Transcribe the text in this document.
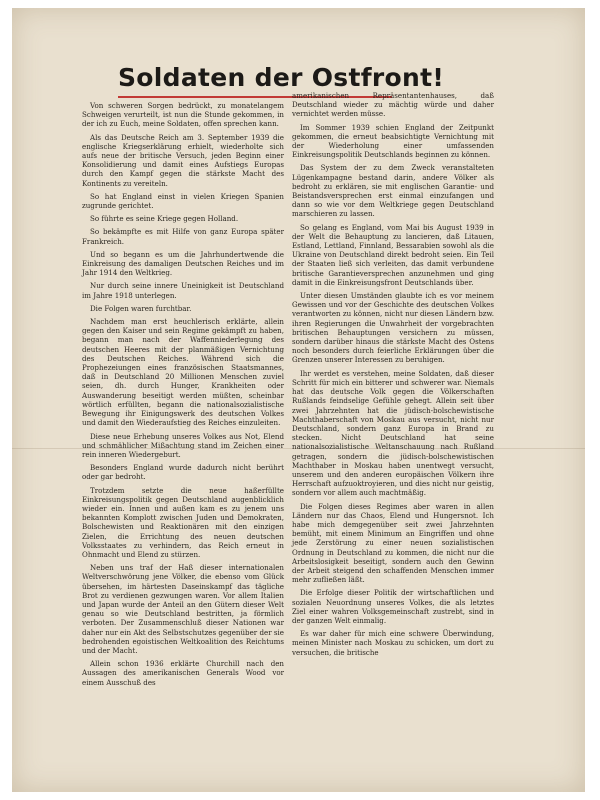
Soldaten der Ostfront!

Von schweren Sorgen bedrückt, zu monatelangem Schweigen verurteilt, ist nun die Stunde gekommen, in der ich zu Euch, meine Soldaten, offen sprechen kann.

Als das Deutsche Reich am 3. September 1939 die englische Kriegserklärung erhielt, wiederholte sich aufs neue der britische Versuch, jeden Beginn einer Konsolidierung und damit eines Aufstiegs Europas durch den Kampf gegen die stärkste Macht des Kontinents zu vereiteln.

So hat England einst in vielen Kriegen Spanien zugrunde gerichtet.

So führte es seine Kriege gegen Holland.

So bekämpfte es mit Hilfe von ganz Europa später Frankreich.

Und so begann es um die Jahrhundertwende die Einkreisung des damaligen Deutschen Reiches und im Jahr 1914 den Weltkrieg.

Nur durch seine innere Uneinigkeit ist Deutschland im Jahre 1918 unterlegen.

Die Folgen waren furchtbar.

Nachdem man erst heuchlerisch erklärte, allein gegen den Kaiser und sein Regime gekämpft zu haben, begann man nach der Waffenniederlegung des deutschen Heeres mit der planmäßigen Vernichtung des Deutschen Reiches. Während sich die Prophezeiungen eines französischen Staatsmannes, daß in Deutschland 20 Millionen Menschen zuviel seien, dh. durch Hunger, Krankheiten oder Auswanderung beseitigt werden müßten, scheinbar wörtlich erfüllten, begann die nationalsozialistische Bewegung ihr Einigungswerk des deutschen Volkes und damit den Wiederaufstieg des Reiches einzuleiten.

Diese neue Erhebung unseres Volkes aus Not, Elend und schmählicher Mißachtung stand im Zeichen einer rein inneren Wiedergeburt.

Besonders England wurde dadurch nicht berührt oder gar bedroht.

Trotzdem setzte die neue haßerfüllte Einkreisungspolitik gegen Deutschland augenblicklich wieder ein. Innen und außen kam es zu jenem uns bekannten Komplott zwischen Juden und Demokraten, Bolschewisten und Reaktionären mit den einzigen Zielen, die Errichtung des neuen deutschen Volksstaates zu verhindern, das Reich erneut in Ohnmacht und Elend zu stürzen.

Neben uns traf der Haß dieser internationalen Weltverschwörung jene Völker, die ebenso vom Glück übersehen, im härtesten Daseinskampf das tägliche Brot zu verdienen gezwungen waren. Vor allem Italien und Japan wurde der Anteil an den Gütern dieser Welt genau so wie Deutschland bestritten, ja förmlich verboten. Der Zusammenschluß dieser Nationen war daher nur ein Akt des Selbstschutzes gegenüber der sie bedrohenden egoistischen Weltkoalition des Reichtums und der Macht.

Allein schon 1936 erklärte Churchill nach den Aussagen des amerikanischen Generals Wood vor einem Ausschuß des

amerikanischen Repräsentantenhauses, daß Deutschland wieder zu mächtig würde und daher vernichtet werden müsse.

Im Sommer 1939 schien England der Zeitpunkt gekommen, die erneut beabsichtigte Vernichtung mit der Wiederholung einer umfassenden Einkreisungspolitik Deutschlands beginnen zu können.

Das System der zu dem Zweck veranstalteten Lügenkampagne bestand darin, andere Völker als bedroht zu erklären, sie mit englischen Garantie- und Beistandsversprechen erst einmal einzufangen und dann so wie vor dem Weltkriege gegen Deutschland marschieren zu lassen.

So gelang es England, vom Mai bis August 1939 in der Welt die Behauptung zu lancieren, daß Litauen, Estland, Lettland, Finnland, Bessarabien sowohl als die Ukraine von Deutschland direkt bedroht seien. Ein Teil der Staaten ließ sich verleiten, das damit verbundene britische Garantieversprechen anzunehmen und ging damit in die Einkreisungsfront Deutschlands über.

Unter diesen Umständen glaubte ich es vor meinem Gewissen und vor der Geschichte des deutschen Volkes verantworten zu können, nicht nur diesen Ländern bzw. ihren Regierungen die Unwahrheit der vorgebrachten britischen Behauptungen versichern zu müssen, sondern darüber hinaus die stärkste Macht des Ostens noch besonders durch feierliche Erklärungen über die Grenzen unserer Interessen zu beruhigen.

Ihr werdet es verstehen, meine Soldaten, daß dieser Schritt für mich ein bitterer und schwerer war. Niemals hat das deutsche Volk gegen die Völkerschaften Rußlands feindselige Gefühle gehegt. Allein seit über zwei Jahrzehnten hat die jüdisch-bolschewistische Machthaberschaft von Moskau aus versucht, nicht nur Deutschland, sondern ganz Europa in Brand zu stecken. Nicht Deutschland hat seine nationalsozialistische Weltanschauung nach Rußland getragen, sondern die jüdisch-bolschewistischen Machthaber in Moskau haben unentwegt versucht, unserem und den anderen europäischen Völkern ihre Herrschaft aufzuoktroyieren, und dies nicht nur geistig, sondern vor allem auch machtmäßig.

Die Folgen dieses Regimes aber waren in allen Ländern nur das Chaos, Elend und Hungersnot. Ich habe mich demgegenüber seit zwei Jahrzehnten bemüht, mit einem Minimum an Eingriffen und ohne jede Zerstörung zu einer neuen sozialistischen Ordnung in Deutschland zu kommen, die nicht nur die Arbeitslosigkeit beseitigt, sondern auch den Gewinn der Arbeit steigend den schaffenden Menschen immer mehr zufließen läßt.

Die Erfolge dieser Politik der wirtschaftlichen und sozialen Neuordnung unseres Volkes, die als letztes Ziel einer wahren Volksgemeinschaft zustrebt, sind in der ganzen Welt einmalig.

Es war daher für mich eine schwere Überwindung, meinen Minister nach Moskau zu schicken, um dort zu versuchen, die britische
